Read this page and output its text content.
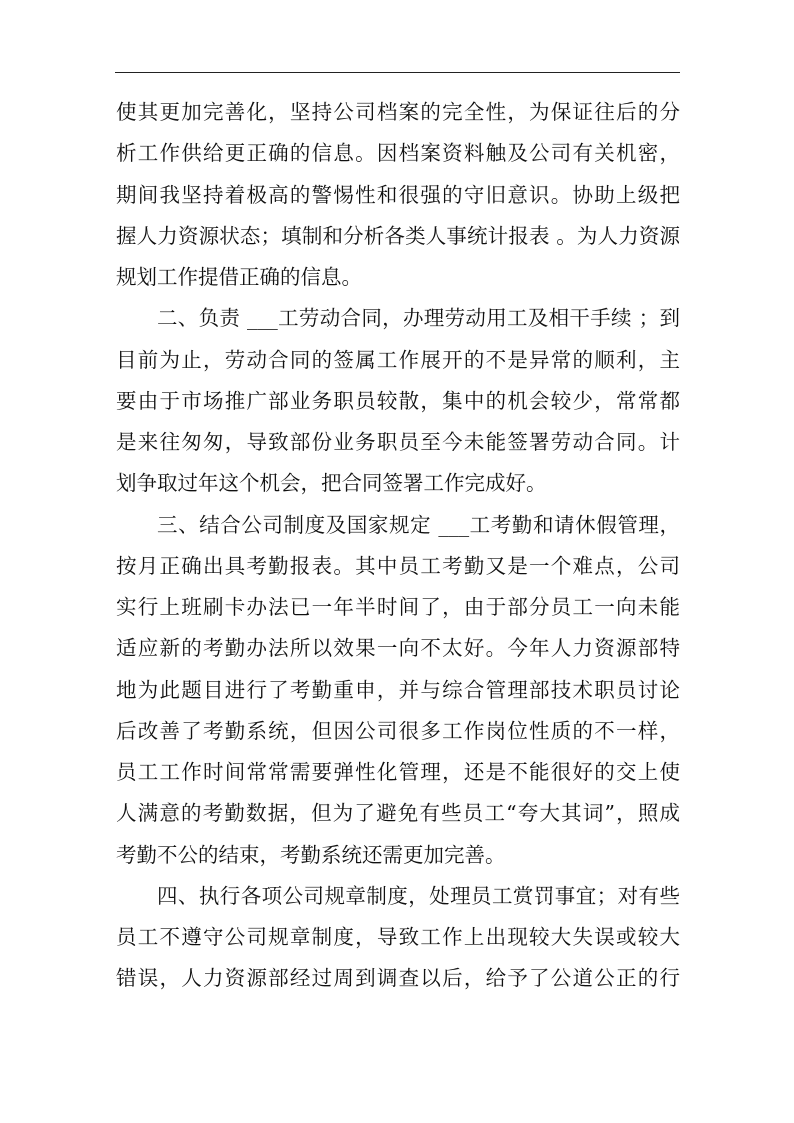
使其更加完善化，坚持公司档案的完全性，为保证往后的分
析工作供给更正确的信息。因档案资料触及公司有关机密，
期间我坚持着极高的警惕性和很强的守旧意识。协助上级把
握人力资源状态；填制和分析各类人事统计报表 。为人力资源
规划工作提借正确的信息。
二、负责 ___工劳动合同，办理劳动用工及相干手续 ；到
目前为止，劳动合同的签属工作展开的不是异常的顺利，主
要由于市场推广部业务职员较散，集中的机会较少，常常都
是来往匆匆，导致部份业务职员至今未能签署劳动合同。计
划争取过年这个机会，把合同签署工作完成好。
三、结合公司制度及国家规定 ___工考勤和请休假管理，
按月正确出具考勤报表。其中员工考勤又是一个难点，公司
实行上班刷卡办法已一年半时间了，由于部分员工一向未能
适应新的考勤办法所以效果一向不太好。今年人力资源部特
地为此题目进行了考勤重申，并与综合管理部技术职员讨论
后改善了考勤系统，但因公司很多工作岗位性质的不一样，
员工工作时间常常需要弹性化管理，还是不能很好的交上使
人满意的考勤数据，但为了避免有些员工“夸大其词”，照成
考勤不公的结束，考勤系统还需更加完善。
四、执行各项公司规章制度，处理员工赏罚事宜；对有些
员工不遵守公司规章制度，导致工作上出现较大失误或较大
错误，人力资源部经过周到调查以后，给予了公道公正的行
